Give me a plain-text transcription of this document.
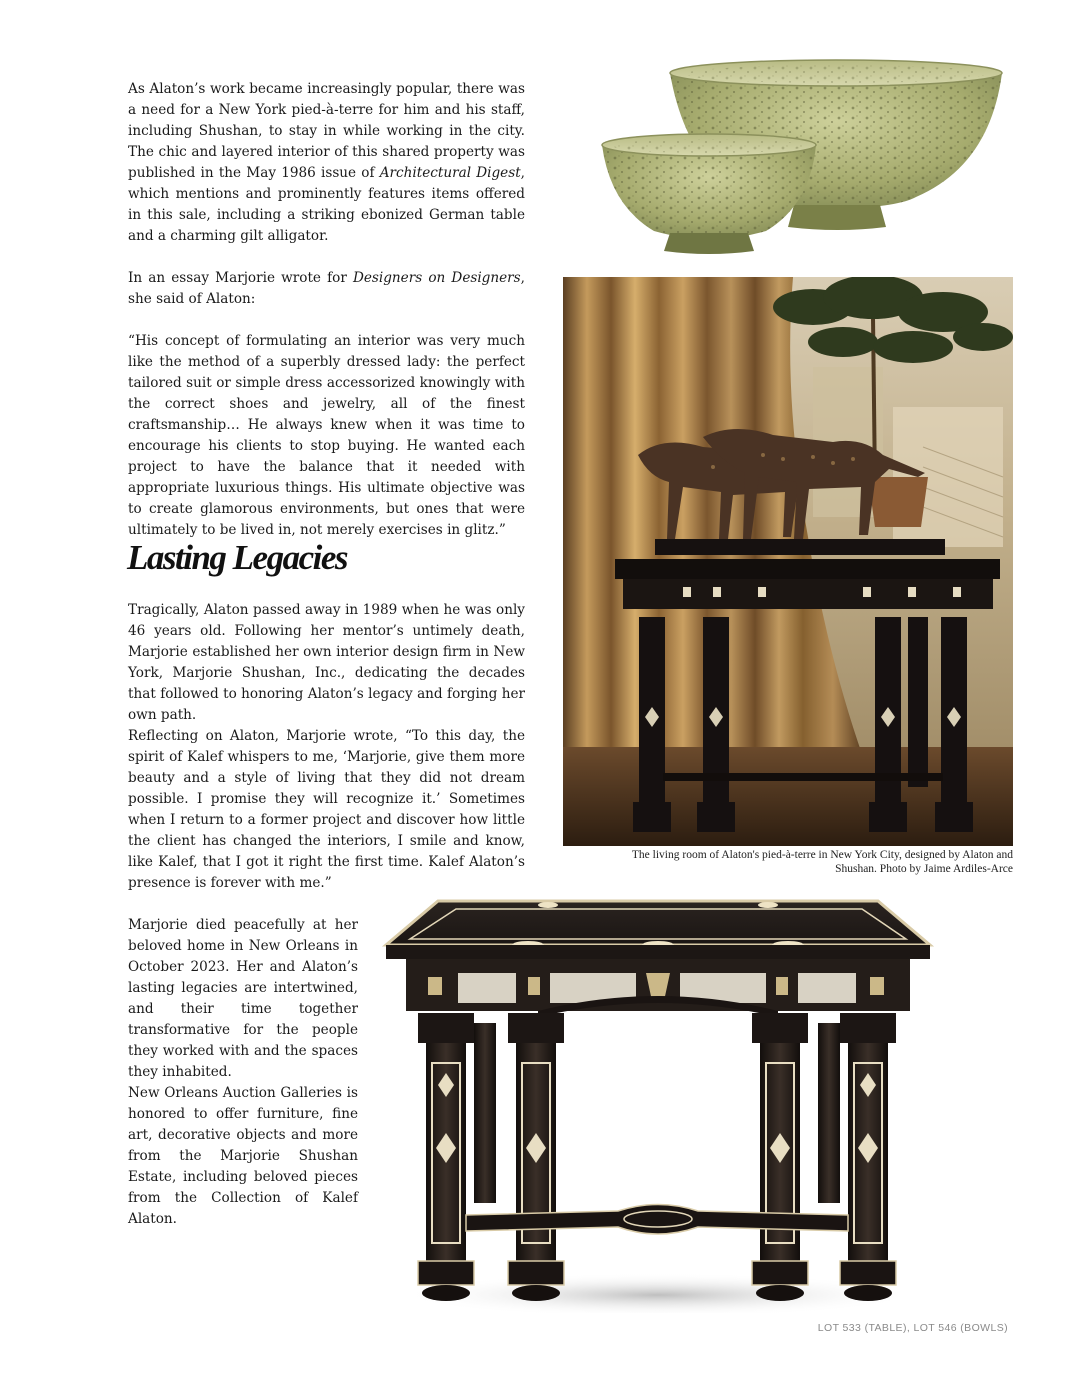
As Alaton’s work became increasingly popular, there was a need for a New York pied-à-terre for him and his staff, including Shushan, to stay in while working in the city. The chic and layered interior of this shared property was published in the May 1986 issue of Architectural Digest, which mentions and prominently features items offered in this sale, including a striking ebonized German table and a charming gilt alligator.

In an essay Marjorie wrote for Designers on Designers, she said of Alaton:

“His concept of formulating an interior was very much like the method of a superbly dressed lady: the perfect tailored suit or simple dress accessorized knowingly with the correct shoes and jewelry, all of the finest craftsmanship… He always knew when it was time to encourage his clients to stop buying. He wanted each project to have the balance that it needed with appropriate luxurious things. His ultimate objective was to create glamorous environments, but ones that were ultimately to be lived in, not merely exercises in glitz.”

Lasting Legacies

Tragically, Alaton passed away in 1989 when he was only 46 years old. Following her mentor’s untimely death, Marjorie established her own interior design firm in New York, Marjorie Shushan, Inc., dedicating the decades that followed to honoring Alaton’s legacy and forging her own path.

Reflecting on Alaton, Marjorie wrote, “To this day, the spirit of Kalef whispers to me, ‘Marjorie, give them more beauty and a style of living that they did not dream possible. I promise they will recognize it.’ Sometimes when I return to a former project and discover how little the client has changed the interiors, I smile and know, like Kalef, that I got it right the first time. Kalef Alaton’s presence is forever with me.”

Marjorie died peacefully at her beloved home in New Orleans in October 2023. Her and Alaton’s lasting legacies are intertwined, and their time together transformative for the people they worked with and the spaces they inhabited.

New Orleans Auction Galleries is honored to offer furniture, fine art, decorative objects and more from the Marjorie Shushan Estate, including beloved pieces from the Collection of Kalef Alaton.

The living room of Alaton's pied-à-terre in New York City, designed by Alaton and Shushan. Photo by Jaime Ardiles-Arce
LOT 533 (TABLE), LOT 546 (BOWLS)
